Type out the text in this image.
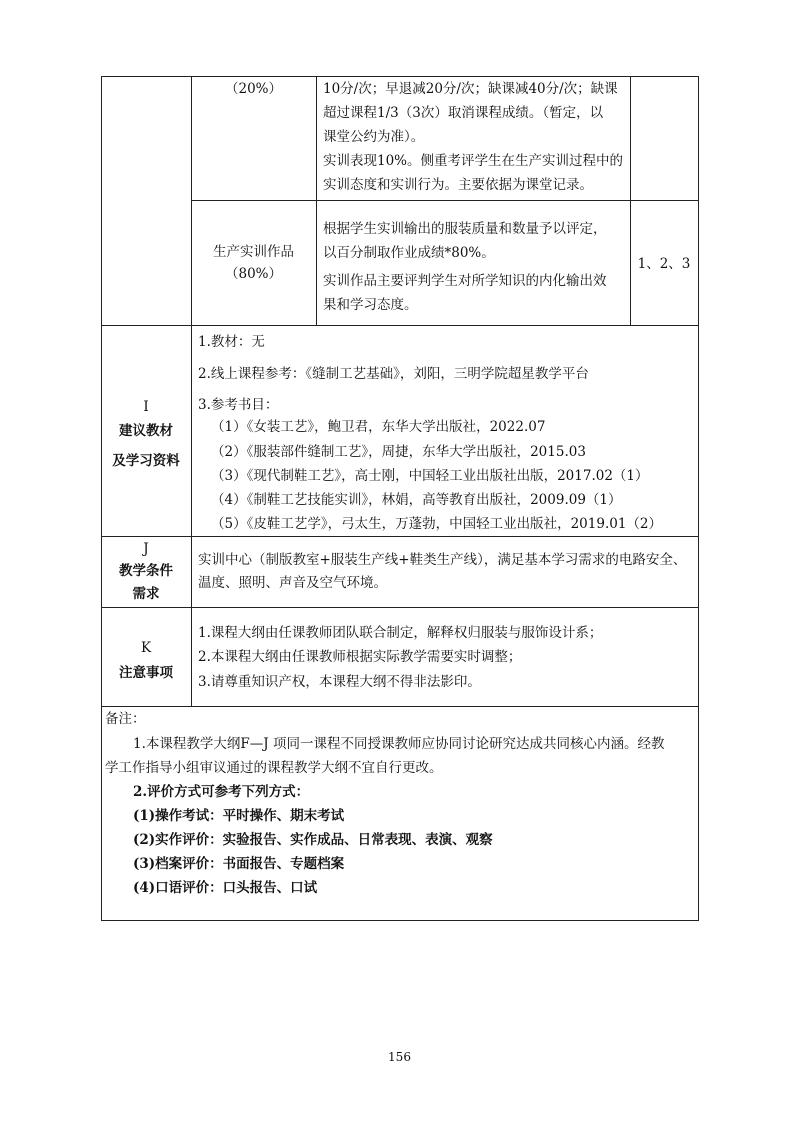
（20%）	10分/次；早退减20分/次；缺课减40分/次；缺课
超过课程1/3（3次）取消课程成绩。（暂定，以
课堂公约为准）。
实训表现10%。侧重考评学生在生产实训过程中的
实训态度和实训行为。主要依据为课堂记录。
生产实训作品
（80%）
根据学生实训输出的服装质量和数量予以评定，
以百分制取作业成绩*80%。
实训作品主要评判学生对所学知识的内化输出效
果和学习态度。
1、2、3
I
建议教材
及学习资料
1.教材：无
2.线上课程参考：《缝制工艺基础》，刘阳，三明学院超星教学平台
3.参考书目：
（1）《女装工艺》，鲍卫君，东华大学出版社，2022.07
（2）《服装部件缝制工艺》，周捷，东华大学出版社，2015.03
（3）《现代制鞋工艺》，高士刚，中国轻工业出版社出版，2017.02（1）
（4）《制鞋工艺技能实训》，林娟，高等教育出版社，2009.09（1）
（5）《皮鞋工艺学》，弓太生，万蓬勃，中国轻工业出版社，2019.01（2）
J
教学条件
需求
实训中心（制版教室+服装生产线+鞋类生产线），满足基本学习需求的电路安全、
温度、照明、声音及空气环境。
K
注意事项
1.课程大纲由任课教师团队联合制定，解释权归服装与服饰设计系；
2.本课程大纲由任课教师根据实际教学需要实时调整；
3.请尊重知识产权，本课程大纲不得非法影印。
备注：
1.本课程教学大纲F—J 项同一课程不同授课教师应协同讨论研究达成共同核心内涵。经教
学工作指导小组审议通过的课程教学大纲不宜自行更改。
2.评价方式可参考下列方式：
(1)操作考试：平时操作、期末考试
(2)实作评价：实验报告、实作成品、日常表现、表演、观察
(3)档案评价：书面报告、专题档案
(4)口语评价：口头报告、口试
156
